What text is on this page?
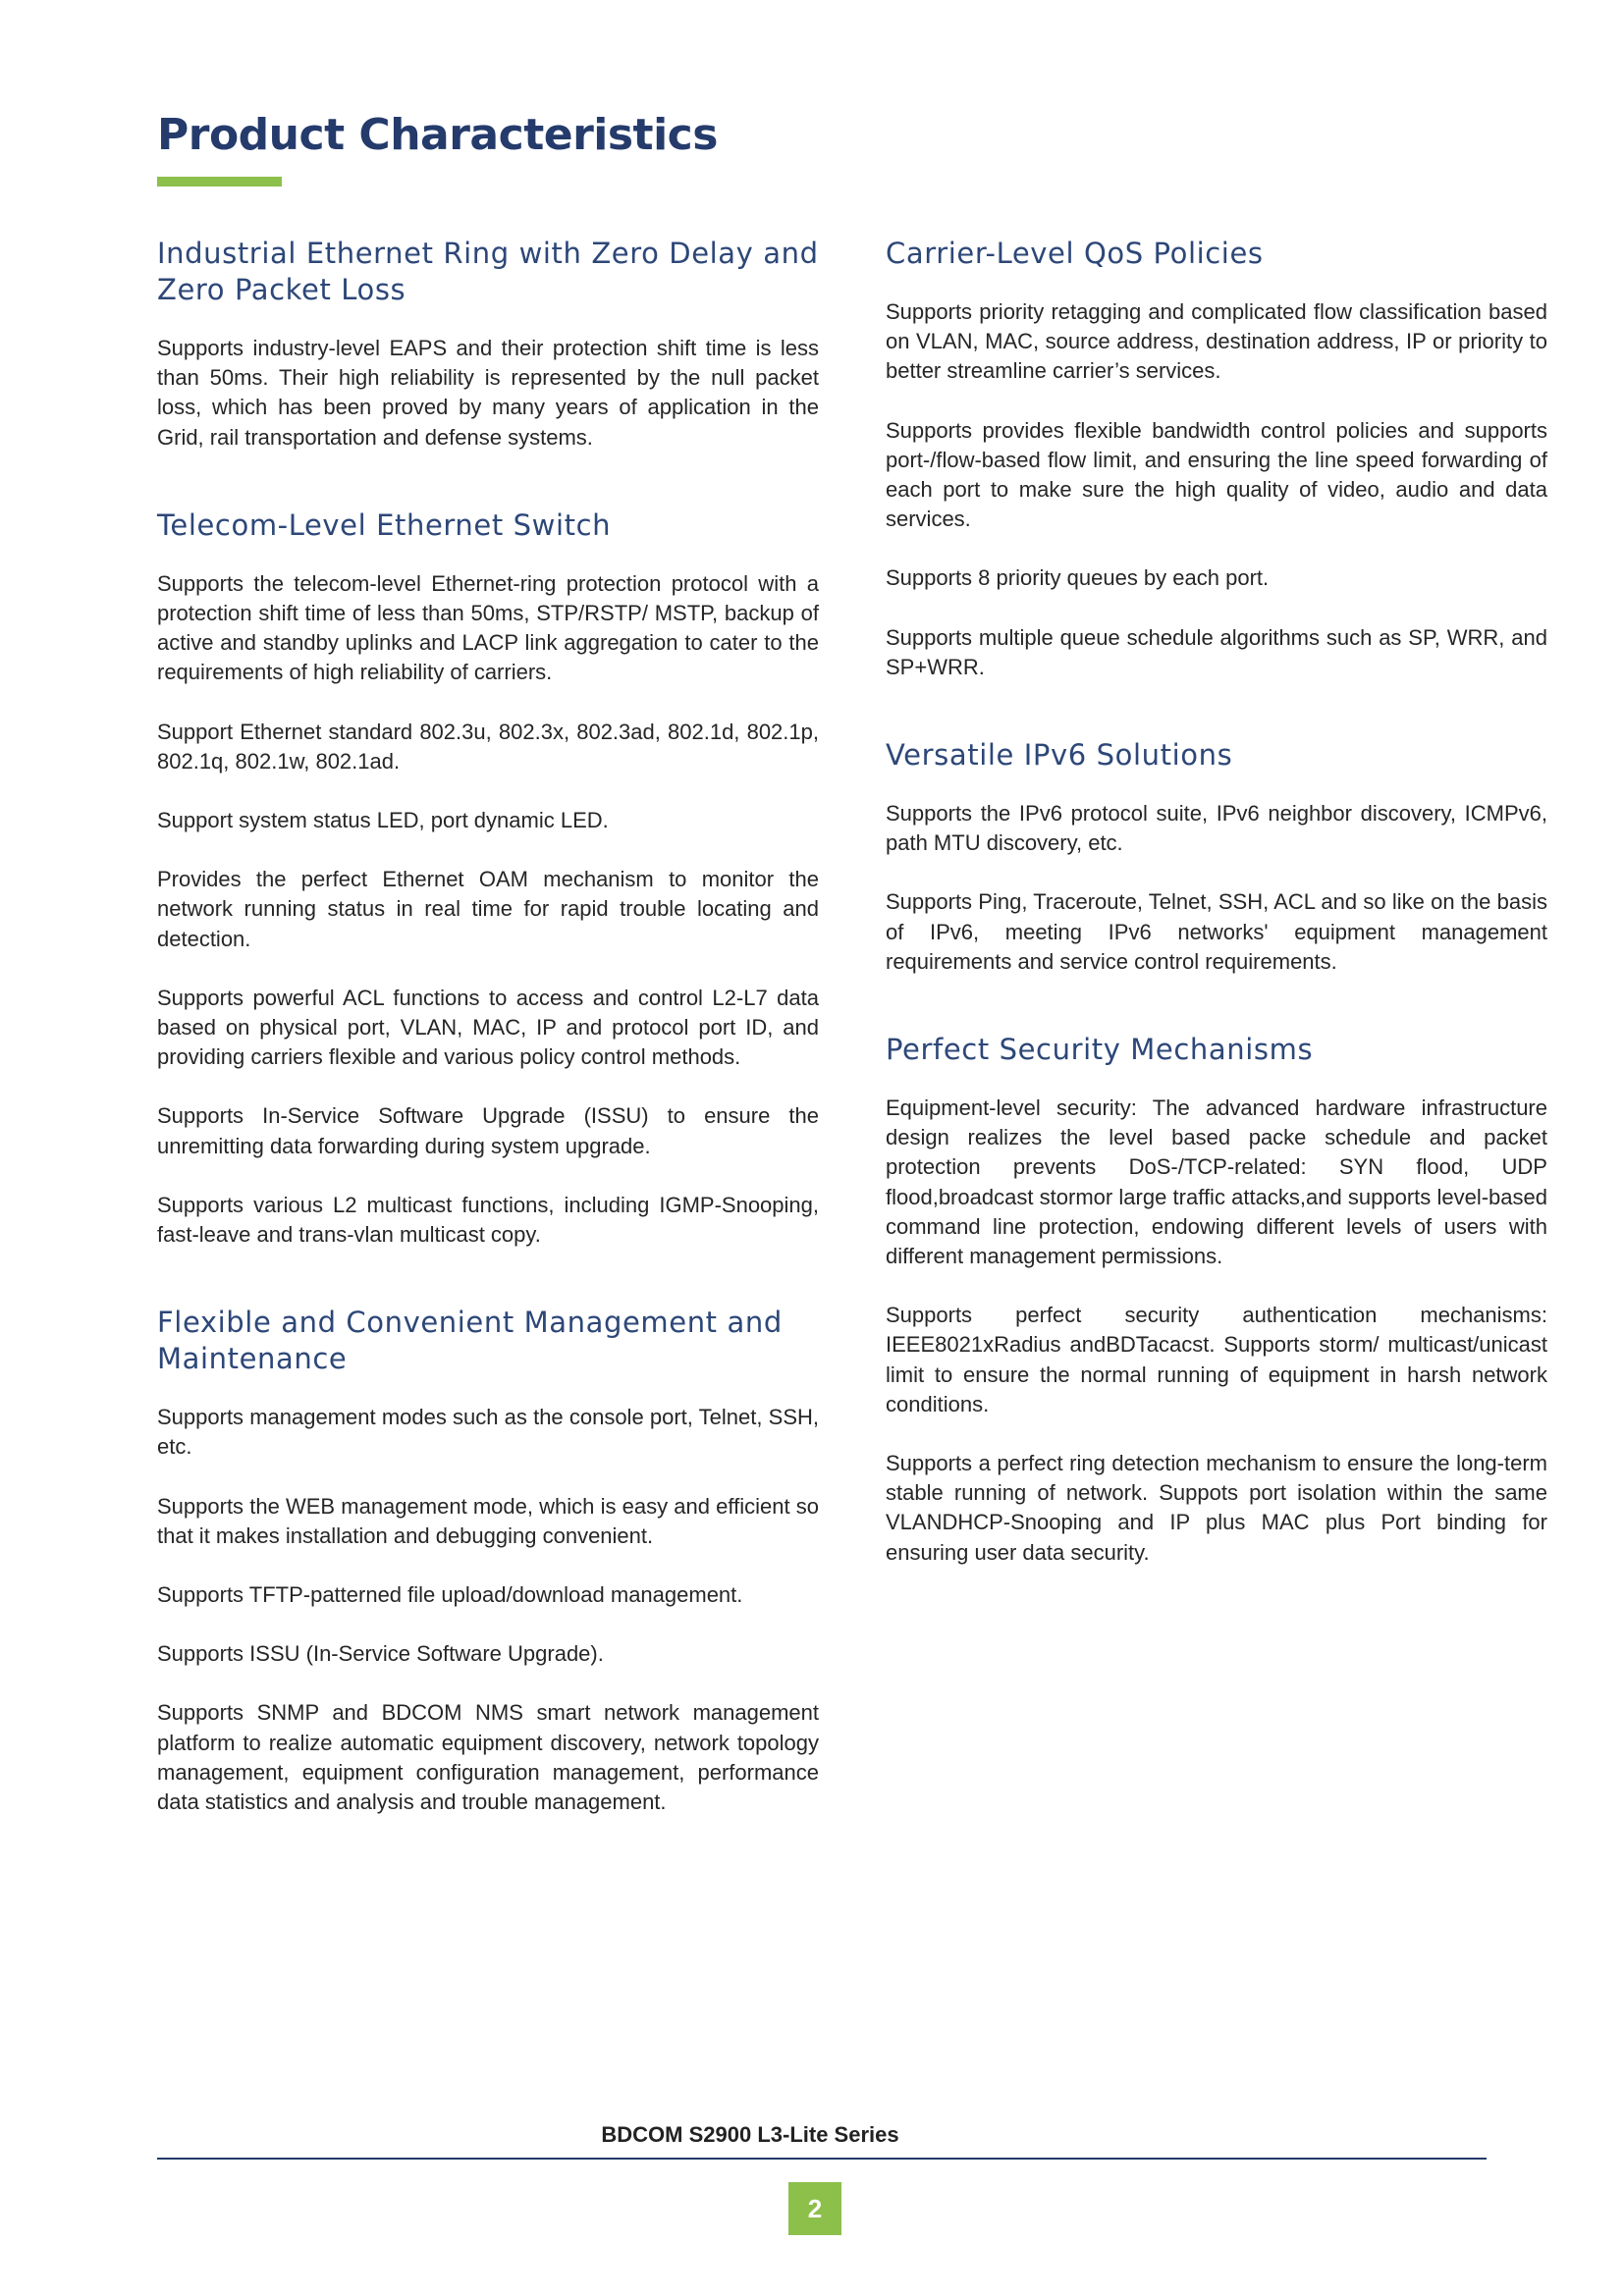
Product Characteristics
Industrial Ethernet Ring with Zero Delay and Zero Packet Loss

Supports industry-level EAPS and their protection shift time is less than 50ms. Their high reliability is represented by the null packet loss, which has been proved by many years of application in the Grid, rail transportation and defense systems.

Telecom-Level Ethernet Switch

Supports the telecom-level Ethernet-ring protection protocol with a protection shift time of less than 50ms, STP/RSTP/ MSTP, backup of active and standby uplinks and LACP link aggregation to cater to the requirements of high reliability of carriers.

Support Ethernet standard 802.3u, 802.3x, 802.3ad, 802.1d, 802.1p, 802.1q, 802.1w, 802.1ad.

Support system status LED, port dynamic LED.

Provides the perfect Ethernet OAM mechanism to monitor the network running status in real time for rapid trouble locating and detection.

Supports powerful ACL functions to access and control L2-L7 data based on physical port, VLAN, MAC, IP and protocol port ID, and providing carriers flexible and various policy control methods.

Supports In-Service Software Upgrade (ISSU) to ensure the unremitting data forwarding during system upgrade.

Supports various L2 multicast functions, including IGMP-Snooping, fast-leave and trans-vlan multicast copy.

Flexible and Convenient Management and Maintenance

Supports management modes such as the console port, Telnet, SSH, etc.

Supports the WEB management mode, which is easy and efficient so that it makes installation and debugging convenient.

Supports TFTP-patterned file upload/download management.

Supports ISSU (In-Service Software Upgrade).

Supports SNMP and BDCOM NMS smart network management platform to realize automatic equipment discovery, network topology management, equipment configuration management, performance data statistics and analysis and trouble management.

Carrier-Level QoS Policies

Supports priority retagging and complicated flow classification based on VLAN, MAC, source address, destination address, IP or priority to better streamline carrier’s services.

Supports provides flexible bandwidth control policies and supports port-/flow-based flow limit, and ensuring the line speed forwarding of each port to make sure the high quality of video, audio and data services.

Supports 8 priority queues by each port.

Supports multiple queue schedule algorithms such as SP, WRR, and SP+WRR.

Versatile IPv6 Solutions

Supports the IPv6 protocol suite, IPv6 neighbor discovery, ICMPv6, path MTU discovery, etc.

Supports Ping, Traceroute, Telnet, SSH, ACL and so like on the basis of IPv6, meeting IPv6 networks' equipment management requirements and service control requirements.

Perfect Security Mechanisms

Equipment-level security: The advanced hardware infrastructure design realizes the level based packe schedule and packet protection prevents DoS-/TCP-related: SYN flood, UDP flood,broadcast stormor large traffic attacks,and supports level-based command line protection, endowing different levels of users with different management permissions.

Supports perfect security authentication mechanisms: IEEE8021xRadius andBDTacacst. Supports storm/ multicast/unicast limit to ensure the normal running of equipment in harsh network conditions.

Supports a perfect ring detection mechanism to ensure the long-term stable running of network. Suppots port isolation within the same VLANDHCP-Snooping and IP plus MAC plus Port binding for ensuring user data security.

BDCOM S2900 L3-Lite Series
2
